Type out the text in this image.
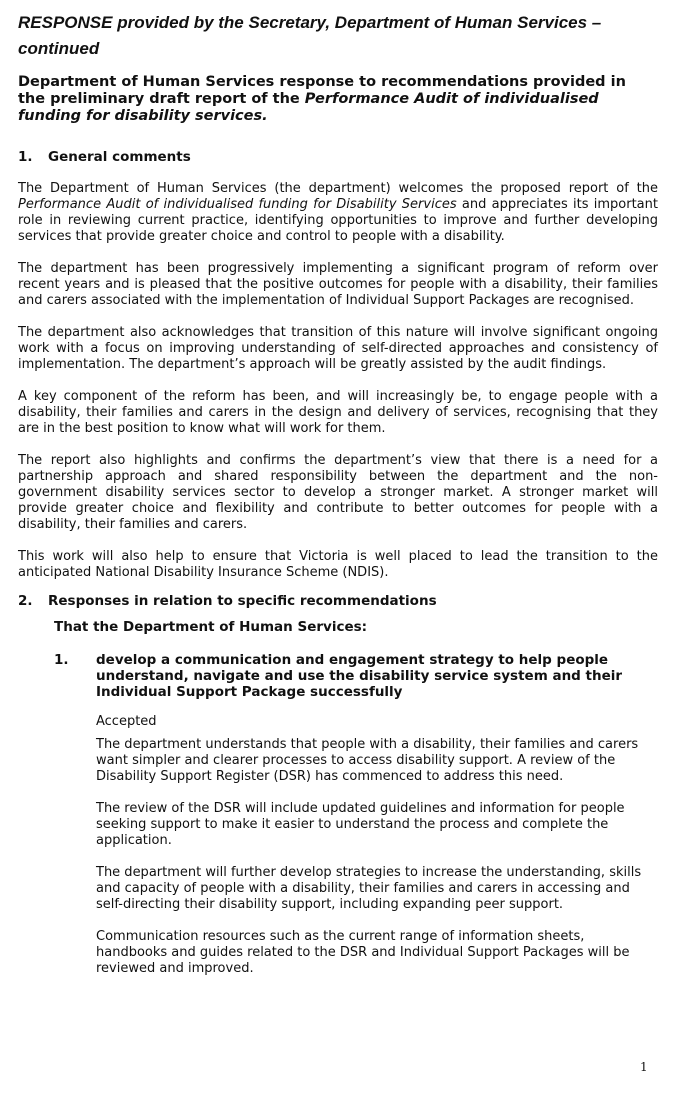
RESPONSE provided by the Secretary, Department of Human Services –
continued
Department of Human Services response to recommendations provided in the preliminary draft report of the Performance Audit of individualised funding for disability services.
1. General comments

The Department of Human Services (the department) welcomes the proposed report of the Performance Audit of individualised funding for Disability Services and appreciates its important role in reviewing current practice, identifying opportunities to improve and further developing services that provide greater choice and control to people with a disability.

The department has been progressively implementing a significant program of reform over recent years and is pleased that the positive outcomes for people with a disability, their families and carers associated with the implementation of Individual Support Packages are recognised.

The department also acknowledges that transition of this nature will involve significant ongoing work with a focus on improving understanding of self-directed approaches and consistency of implementation. The department’s approach will be greatly assisted by the audit findings.

A key component of the reform has been, and will increasingly be, to engage people with a disability, their families and carers in the design and delivery of services, recognising that they are in the best position to know what will work for them.

The report also highlights and confirms the department’s view that there is a need for a partnership approach and shared responsibility between the department and the non-government disability services sector to develop a stronger market. A stronger market will provide greater choice and flexibility and contribute to better outcomes for people with a disability, their families and carers.

This work will also help to ensure that Victoria is well placed to lead the transition to the anticipated National Disability Insurance Scheme (NDIS).

2. Responses in relation to specific recommendations
That the Department of Human Services:
1.	develop a communication and engagement strategy to help people understand, navigate and use the disability service system and their Individual Support Package successfully
Accepted

The department understands that people with a disability, their families and carers want simpler and clearer processes to access disability support. A review of the Disability Support Register (DSR) has commenced to address this need.

The review of the DSR will include updated guidelines and information for people seeking support to make it easier to understand the process and complete the application.

The department will further develop strategies to increase the understanding, skills and capacity of people with a disability, their families and carers in accessing and self-directing their disability support, including expanding peer support.

Communication resources such as the current range of information sheets, handbooks and guides related to the DSR and Individual Support Packages will be reviewed and improved.

1
